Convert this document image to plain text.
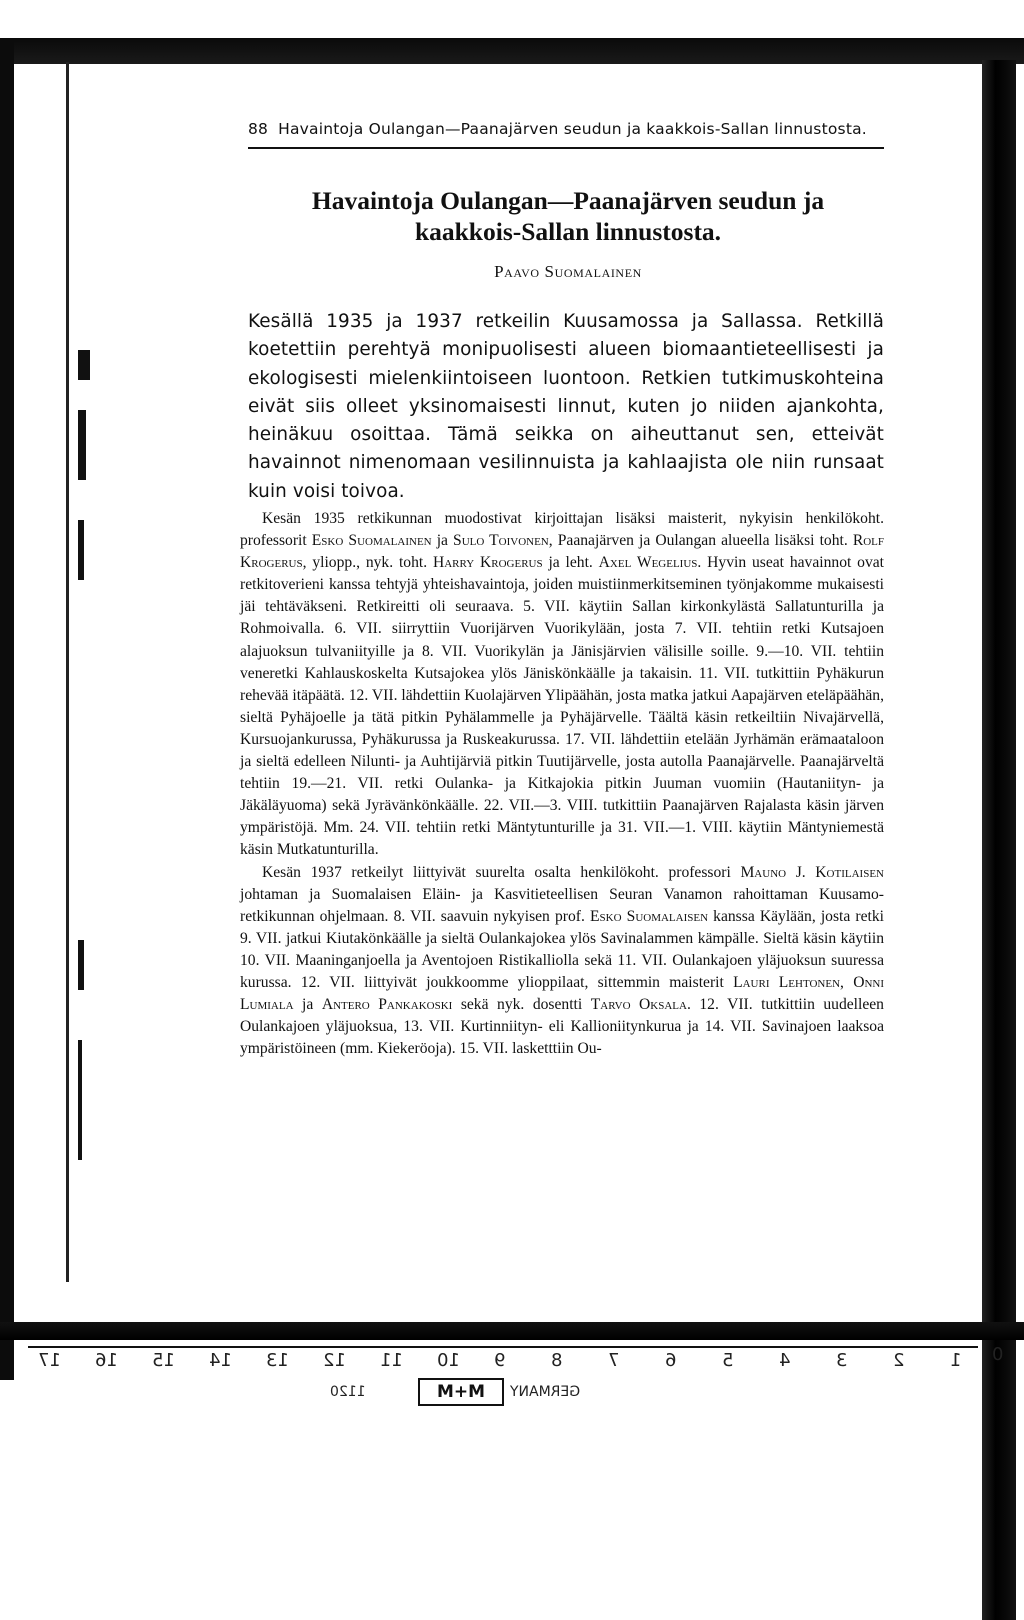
88 Havaintoja Oulangan—Paanajärven seudun ja kaakkois-Sallan linnustosta.
Havaintoja Oulangan—Paanajärven seudun ja
kaakkois-Sallan linnustosta.
Paavo Suomalainen
Kesällä 1935 ja 1937 retkeilin Kuusamossa ja Sallassa. Retkillä koetettiin perehtyä monipuolisesti alueen biomaantieteellisesti ja ekologisesti mielenkiintoiseen luontoon. Retkien tutkimuskohteina eivät siis olleet yksinomaisesti linnut, kuten jo niiden ajankohta, heinäkuu osoittaa. Tämä seikka on aiheuttanut sen, etteivät havainnot nimenomaan vesilinnuista ja kahlaajista ole niin runsaat kuin voisi toivoa.

Kesän 1935 retkikunnan muodostivat kirjoittajan lisäksi maisterit, nykyisin henkilökoht. professorit Esko Suomalainen ja Sulo Toivonen, Paanajärven ja Oulangan alueella lisäksi toht. Rolf Krogerus, yliopp., nyk. toht. Harry Krogerus ja leht. Axel Wegelius. Hyvin useat havainnot ovat retkitoverieni kanssa tehtyjä yhteishavaintoja, joiden muistiinmerkitseminen työnjakomme mukaisesti jäi tehtäväkseni. Retkireitti oli seuraava. 5. VII. käytiin Sallan kirkonkylästä Sallatunturilla ja Rohmoivalla. 6. VII. siirryttiin Vuorijärven Vuorikylään, josta 7. VII. tehtiin retki Kutsajoen alajuoksun tulvaniityille ja 8. VII. Vuorikylän ja Jänisjärvien välisille soille. 9.—10. VII. tehtiin veneretki Kahlauskoskelta Kutsajokea ylös Jäniskönkäälle ja takaisin. 11. VII. tutkittiin Pyhäkurun rehevää itäpäätä. 12. VII. lähdettiin Kuolajärven Ylipäähän, josta matka jatkui Aapajärven eteläpäähän, sieltä Pyhäjoelle ja tätä pitkin Pyhälammelle ja Pyhäjärvelle. Täältä käsin retkeiltiin Nivajärvellä, Kursuojankurussa, Pyhäkurussa ja Ruskeakurussa. 17. VII. lähdettiin etelään Jyrhämän erämaataloon ja sieltä edelleen Nilunti- ja Auhtijärviä pitkin Tuutijärvelle, josta autolla Paanajärvelle. Paanajärveltä tehtiin 19.—21. VII. retki Oulanka- ja Kitkajokia pitkin Juuman vuomiin (Hautaniityn- ja Jäkäläyuoma) sekä Jyrävänkönkäälle. 22. VII.—3. VIII. tutkittiin Paanajärven Rajalasta käsin järven ympäristöjä. Mm. 24. VII. tehtiin retki Mäntytunturille ja 31. VII.—1. VIII. käytiin Mäntyniemestä käsin Mutkatunturilla.

Kesän 1937 retkeilyt liittyivät suurelta osalta henkilökoht. professori Mauno J. Kotilaisen johtaman ja Suomalaisen Eläin- ja Kasvitieteellisen Seuran Vanamon rahoittaman Kuusamo-retkikunnan ohjelmaan. 8. VII. saavuin nykyisen prof. Esko Suomalaisen kanssa Käylään, josta retki 9. VII. jatkui Kiutakönkäälle ja sieltä Oulankajokea ylös Savinalammen kämpälle. Sieltä käsin käytiin 10. VII. Maaninganjoella ja Aventojoen Ristikalliolla sekä 11. VII. Oulankajoen yläjuoksun suuressa kurussa. 12. VII. liittyivät joukkoomme ylioppilaat, sittemmin maisterit Lauri Lehtonen, Onni Lumiala ja Antero Pankakoski sekä nyk. dosentti Tarvo Oksala. 12. VII. tutkittiin uudelleen Oulankajoen yläjuoksua, 13. VII. Kurtinniityn- eli Kallioniitynkurua ja 14. VII. Savinajoen laaksoa ympäristöineen (mm. Kiekeröoja). 15. VII. lasketttiin Ou-

17 16 15 14 13 12 11 10 9	8	7	6	5	4	3	2	1 0
1120	M+M	GERMANY
